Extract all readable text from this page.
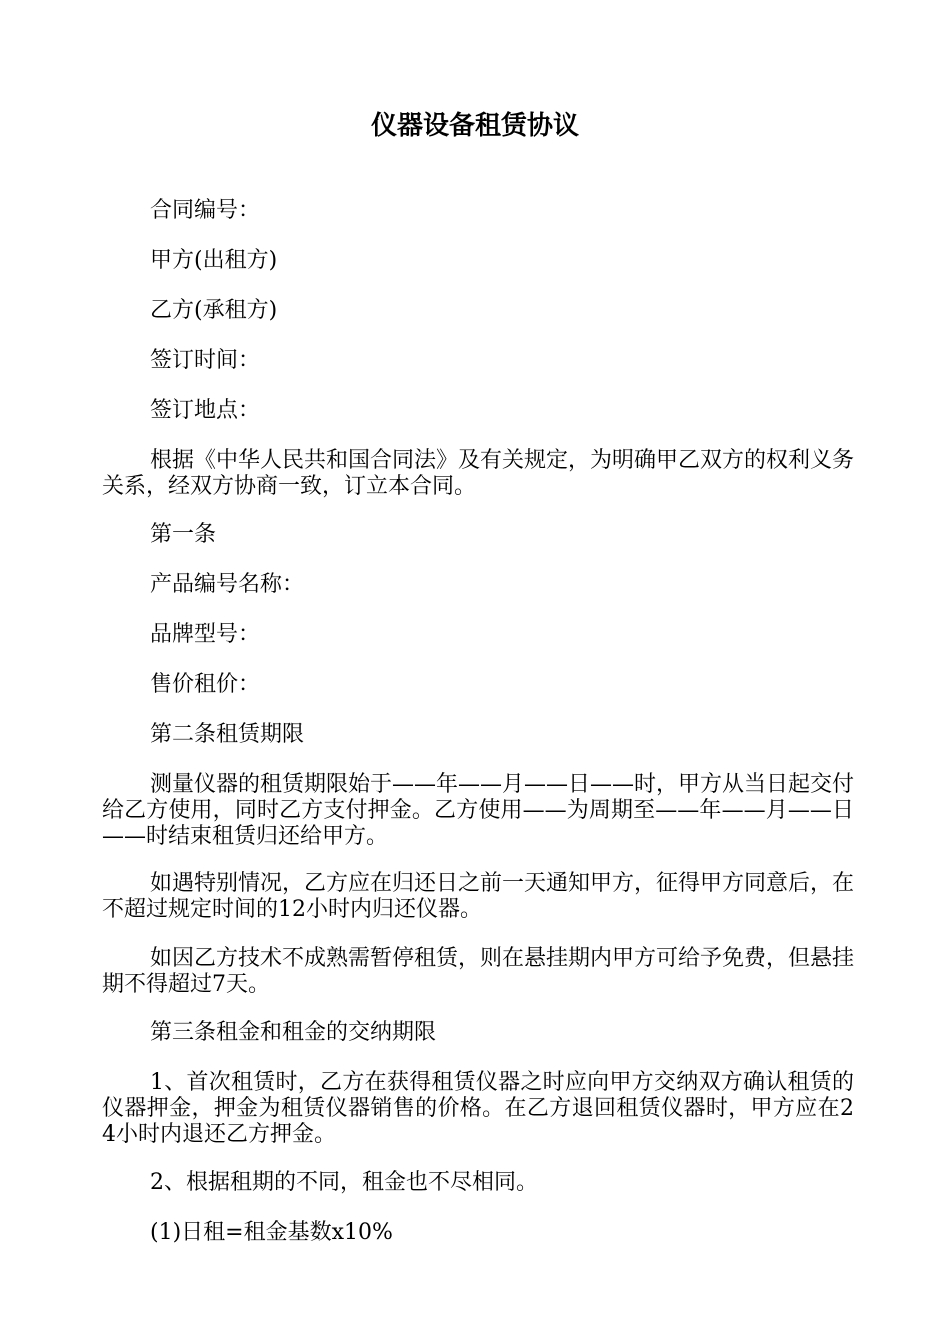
仪器设备租赁协议

合同编号：

甲方(出租方)

乙方(承租方)

签订时间：

签订地点：

根据《中华人民共和国合同法》及有关规定，为明确甲乙双方的权利义务关系，经双方协商一致，订立本合同。

第一条

产品编号名称：

品牌型号：

售价租价：

第二条租赁期限

测量仪器的租赁期限始于——年——月——日——时，甲方从当日起交付给乙方使用，同时乙方支付押金。乙方使用——为周期至——年——月——日——时结束租赁归还给甲方。

如遇特别情况，乙方应在归还日之前一天通知甲方，征得甲方同意后，在不超过规定时间的12小时内归还仪器。

如因乙方技术不成熟需暂停租赁，则在悬挂期内甲方可给予免费，但悬挂期不得超过7天。

第三条租金和租金的交纳期限

1、首次租赁时，乙方在获得租赁仪器之时应向甲方交纳双方确认租赁的仪器押金，押金为租赁仪器销售的价格。在乙方退回租赁仪器时，甲方应在24小时内退还乙方押金。

2、根据租期的不同，租金也不尽相同。

(1)日租=租金基数x10%
